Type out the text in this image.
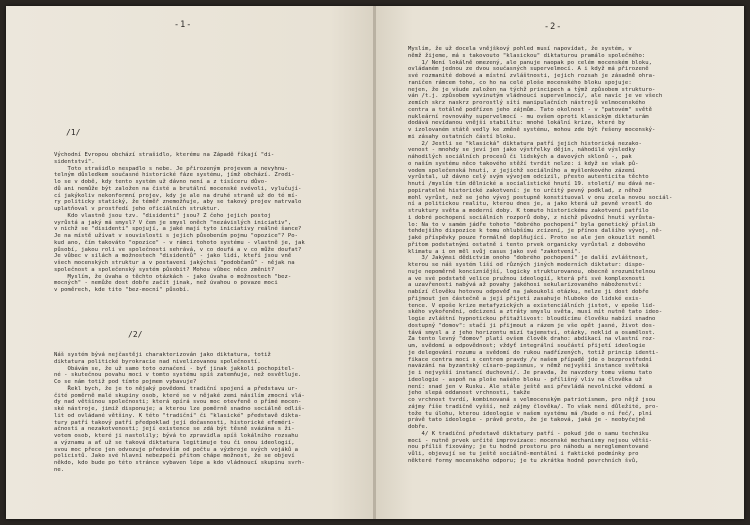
-1-
/1/
Východní Evropou obchází strašidlo, kterému na Západě říkají "di-
sidentství".
Toto strašidlo nespadlo s nebe. Je přirozeným projevem a nevyhnu-
telným důsledkem současné historické fáze systému, jímž obchází. Zrodi-
lo se v době, kdy tento systém už dávno není a z tisíceru důvo-
dů ani nemůže být založen na čisté a brutální mocenské svévoli, vylučují-
cí jakýkoliv nekonformní projev, kdy je ale na druhé straně už do té mí-
ry politicky statický, že téměř znemožňuje, aby se takový projev natrvalo
uplatňoval v prostředí jeho oficiálních struktur.
Kdo vlastně jsou tzv. "disidenti" jsou? Z čeho jejich postoj
vyrůstá a jaký má smysl? V čem je smysl oněch "nezávislých iniciativ",
v nichž se "disidenti" spojují, a jaké mají tyto iniciativy reálné šance?
Je na místě užívat v souvislosti s jejich působením pojmu "opozice"? Po-
kud ano, čím takováto "opozice" - v rámci tohoto systému - vlastně je, jak
působí, jakou roli ve společnosti sehrává, v co doufá a v co může doufat?
Je vůbec v silách a možnostech "disidentů" - jako lidí, kteří jsou vně
všech mocenských struktur a v postavení jakýchsi "podobčanů" - nějak na
společnost a společenský systém působit? Mohou vůbec něco změnit?
Myslím, že úvaha o těchto otázkách - jako úvaha o možnostech "bez-
mocných" - nemůže dost dobře začít jinak, než úvahou o povaze moci
v poměrech, kde tito "bez-mocní" působí.
/2/
Náš systém bývá nejčastěji charakterizován jako diktatura, totiž
diktatura politické byrokracie nad nivelizovanou společností.
Obávám se, že už samo toto označení - byť jinak jakkoli pochopitel-
né - skutečnou povahu moci v tomto systému spíš zatemňuje, než osvětluje.
Co se nám totiž pod tímto pojmem vybavuje?
Řekl bych, že je to nějaký povědomí tradiční spojení a představu ur-
čité poměrně malé skupiny osob, které se v nějaké zemi násilím zmocní vlá-
dy nad většinou společnosti; která opírá svou moc otevřeně o přímé mocen-
ské nástroje, jimiž disponuje; a kterou lze poměrně snadno sociálně odliš-
lit od ovládané většiny. K této "tradiční" či "klasické" představě dikta-
tury patří takový patří předpoklad její dočasnosti, historické efeméri-
ačnosti a nezakotvenosti; její existence se zdá být těsně svázána s ži-
votem osob, které ji nastolily; bývá to zpravidla spíš lokálního rozsahu
a významu a ať už se taková diktatura legitimuje tou či onou ideologií,
svou moc přece jen odvozuje především od počtu a výzbroje svých vojáků a
policistů. Jako své hlavní nebezpečí přitom chápe možnost, že se objeví
někdo, kdo bude po této stránce vybaven lépe a kdo vládnoucí skupinu svrh-
ne.
-2-
Myslím, že už docela vnějškový pohled musí napovídat, že systém, v
němž žijeme, má s takovouto "klasickou" diktaturou pramálo společného:
1/ Není lokálně omezený, ale panuje naopak po celém mocenském bloku,
ovládaném jednou ze dvou současných supervelmocí. A i když má přirozeně
své rozmanité dobové a místní zvláštnosti, jejich rozsah je zásadně ohra-
raničen rámcem toho, co ho na celé ploše mocenského bloku spojuje:
nejen, že je všude založen na týchž principech a týmž způsobem strukturo-
ván /t.j. způsobem vyvinutým vládnoucí supervelmocí/, ale navíc je ve všech
zemích skrz naskrz prorostlý sítí manipulačních nástrojů velmocenského
centra a totálně podřízen jeho zájmům. Tato okolnost - v "patovém" světě
nukleární rovnováhy supervelmocí - mu ovšem oproti klasickým diktaturám
dodává nevídanou vnější stabilitu: mnohé lokální krize, které by
v izolovaném státě vedly ke změně systému, mohou zde být řešeny mocenský-
mi zásahy ostatních částí bloku.
2/ Jestli se "klasická" diktatura patří jejich historická nezako-
venost - mnohdy se jeví jen jako výstřelky dějin, náhodilé výsledky
náhodilých sociálních procesů či lidských a davových sklonů -, pak
o naším systému něco takového stěží tvrdit nelze: i když se však pů-
vodem společenská hnutí, z jejichž sociálního a myšlenkového zázemí
vyrůstal, už dávno celý svým vývojem odcizil, přesto autenticita těchto
hnutí /myslím tím dělnické a socialistické hnutí 19. století/ mu dává ne-
popiratelné historické zakotvení: je to určitý pevný podklad, z něhož
mohl vyrůst, než se jeho vývoj postupně konstituoval v onu zcela novou sociál-
ní a politickou realitu, kterou dnes je, a jako která už pevně vrostl do
struktury světa a moderní doby. K tomuto historickému zakotvení patřilo
i dobré pochopení sociálních rozporů doby, z nichž původní hnutí vyrůsta-
lo: Na to v samém jádře tohoto "dobrého pochopení" byla genetický příslib
tehdejšího dispozice k tomu ohlubšímu zcizení, je přínos dalšího vývoj, ně-
jaké příspěvky pouze formálně doplňující. Proto se ale jen okouzlit neměl
přitom podstatnými ostatně i tento prvek organicky vyrůstal z dobového
klimatu a i on měl svůj casus jako své "zakotvení".
3/ Jakýmsi dědictvím onoho "dobrého pochopení" je další zvláštnost,
kterou se náš systém liší od různých jiných moderních diktatur: dispo-
nuje nepoměrně koncizníější, logicky strukturovanou, obecně srozumitelnou
a ve své podstatě velice pružnou ideologií, která při své komplexnosti
a uzavřenosti nabývá až povahy jakéhosi sekularizovaného náboženství:
nabízí člověku hotovou odpověď na jakoukoli otázku, nelze ji dost dobře
přijmout jen částečně a její přijetí zasahuje hluboko do lidské exis-
tence. V epoše krize metafyzických a existenciálních jistot, v epoše lid-
ského vykořenění, odcizení a ztráty smyslu světa, musí mít nutně tato ideo-
logie zvláštní hypnotickou přitažlivost: bloudícímu člověku nabízí snadno
dostupný "domov": stačí ji přijmout a rázem je vše opět jasné, život dos-
tává smysl a z jeho horizontu mizí tajemství, otázky, neklid a osamělost.
Za tento levný "domov" platí ovšem člověk draho: abdikací na vlastní roz-
um, svědomí a odpovědnost; vždyť integrální součástí přijetí ideologie
je delegování rozumu a svědomí do rukou nadřízených, totiž princip identi-
fikace centra moci s centrem pravdy /v našem případě jde o bezprostřední
navázání na byzantský císaro-papismus, v němž nejvyšší instance světská
je i nejvyšší instancí duchovní/. Je pravda, že navzdory tomu všemu tato
ideologie - aspoň na ploše našeho bloku - přílišný vliv na člověka už
není: snad jen v Rusku. Ale stále ještě asi převládá nevolnické vědomí a
jeho slepá oddanost vrchnosti, takže
co vrchnost tvrdí, kombinovaná s velmocenským patriotismem, pro nějž jsou
zájmy říše tradičně vyšší, než zájmy člověka/. To však není důležité, pro-
tože tu úlohu, kterou ideologie v našem systému má /bude o ní řeč/, plní
právě tato ideologie - právě proto, že je taková, jaká je - neobyčejně
dobře.
4/ K tradiční představě diktatury patří - pokud jde o samu techniku
moci - nutně prvek určité improvizace: mocenské mechanismy nejsou větši-
nou příliš fixovány; je tu hodně prostoru pro náhodu a nereglementované
vůli, objevují se tu ještě sociálně-mentální i faktické podmínky pro
některé formy mocenského odporu; je tu zkrátka hodně povrchních švů,
